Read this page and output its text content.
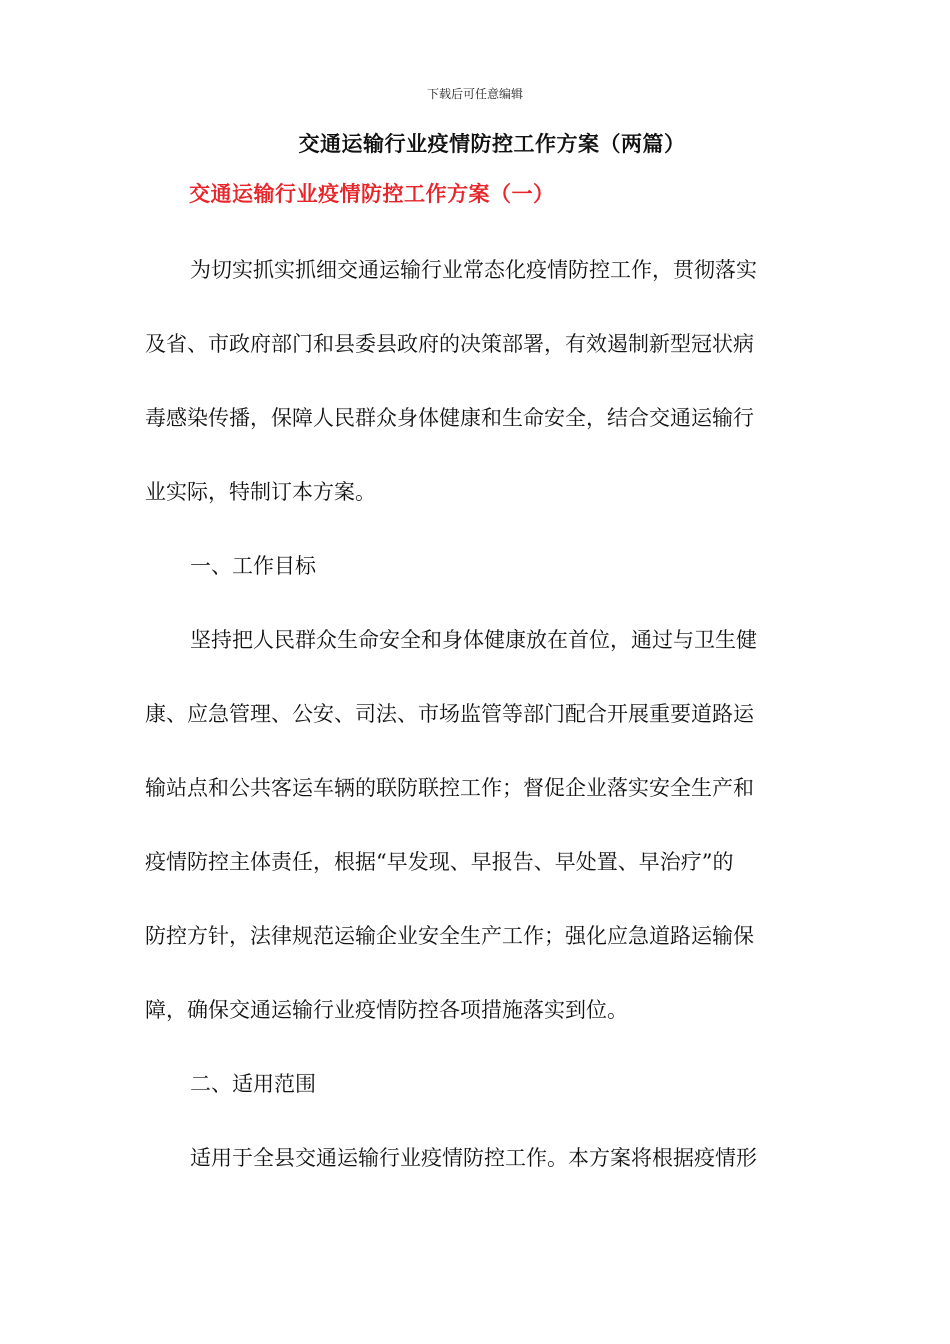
下载后可任意编辑
交通运输行业疫情防控工作方案（两篇）
交通运输行业疫情防控工作方案（一）
为切实抓实抓细交通运输行业常态化疫情防控工作，贯彻落实
及省、市政府部门和县委县政府的决策部署，有效遏制新型冠状病
毒感染传播，保障人民群众身体健康和生命安全，结合交通运输行
业实际，特制订本方案。
一、工作目标
坚持把人民群众生命安全和身体健康放在首位，通过与卫生健
康、应急管理、公安、司法、市场监管等部门配合开展重要道路运
输站点和公共客运车辆的联防联控工作；督促企业落实安全生产和
疫情防控主体责任，根据“早发现、早报告、早处置、早治疗”的
防控方针，法律规范运输企业安全生产工作；强化应急道路运输保
障，确保交通运输行业疫情防控各项措施落实到位。
二、适用范围
适用于全县交通运输行业疫情防控工作。本方案将根据疫情形
